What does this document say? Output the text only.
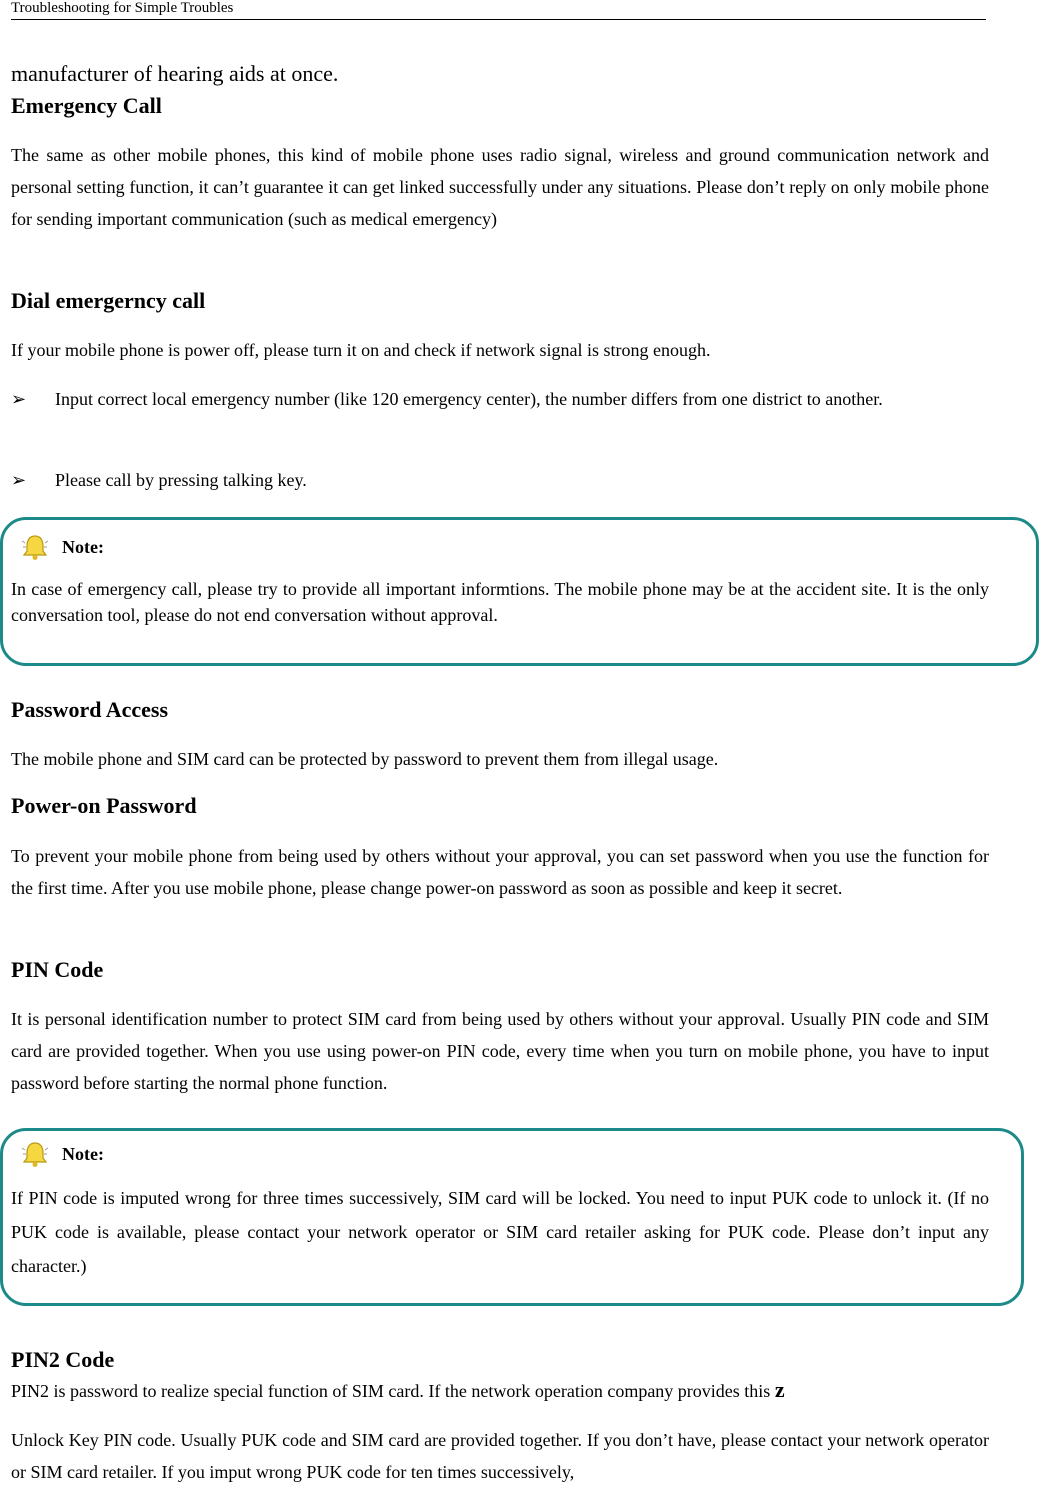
Troubleshooting for Simple Troubles

manufacturer of hearing aids at once.

Emergency Call

The same as other mobile phones, this kind of mobile phone uses radio signal, wireless and ground communication network and personal setting function, it can’t guarantee it can get linked successfully under any situations. Please don’t reply on only mobile phone for sending important communication (such as medical emergency)

Dial emergerncy call

If your mobile phone is power off, please turn it on and check if network signal is strong enough.

➢ Input correct local emergency number (like 120 emergency center), the number differs from one district to another.
➢ Please call by pressing talking key.
Note:
In case of emergency call, please try to provide all important informtions. The mobile phone may be at the accident site. It is the only conversation tool, please do not end conversation without approval.

Password Access

The mobile phone and SIM card can be protected by password to prevent them from illegal usage.

Power-on Password

To prevent your mobile phone from being used by others without your approval, you can set password when you use the function for the first time. After you use mobile phone, please change power-on password as soon as possible and keep it secret.

PIN Code

It is personal identification number to protect SIM card from being used by others without your approval. Usually PIN code and SIM card are provided together. When you use using power-on PIN code, every time when you turn on mobile phone, you have to input password before starting the normal phone function.

Note:
If PIN code is imputed wrong for three times successively, SIM card will be locked. You need to input PUK code to unlock it. (If no PUK code is available, please contact your network operator or SIM card retailer asking for PUK code. Please don’t input any character.)

PIN2 Code

PIN2 is password to realize special function of SIM card. If the network operation company provides this z

Unlock Key PIN code. Usually PUK code and SIM card are provided together. If you don’t have, please contact your network operator or SIM card retailer. If you imput wrong PUK code for ten times successively,
